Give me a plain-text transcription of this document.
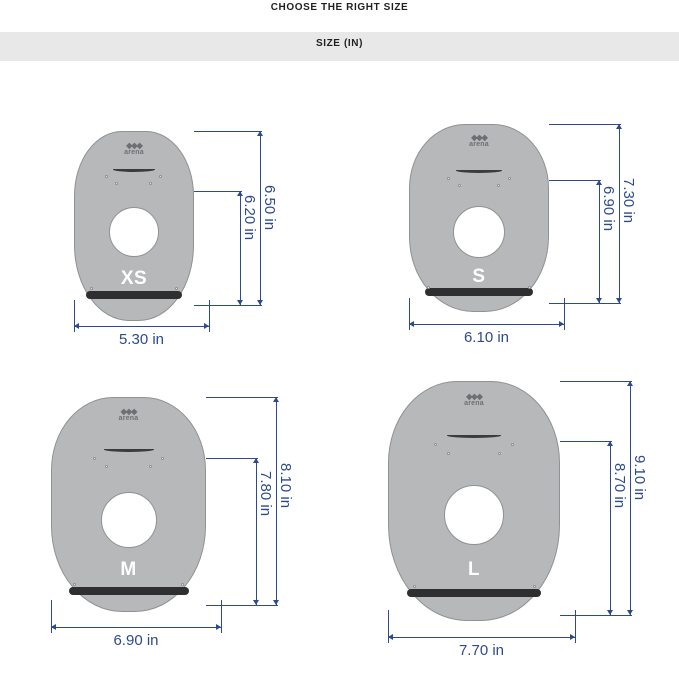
CHOOSE THE RIGHT SIZE
SIZE (IN)
◆◆◆
arena
XS
6.50 in
6.20 in
5.30 in
◆◆◆
arena
S
7.30 in
6.90 in
6.10 in
◆◆◆
arena
M
8.10 in
7.80 in
6.90 in
◆◆◆
arena
L
9.10 in
8.70 in
7.70 in
